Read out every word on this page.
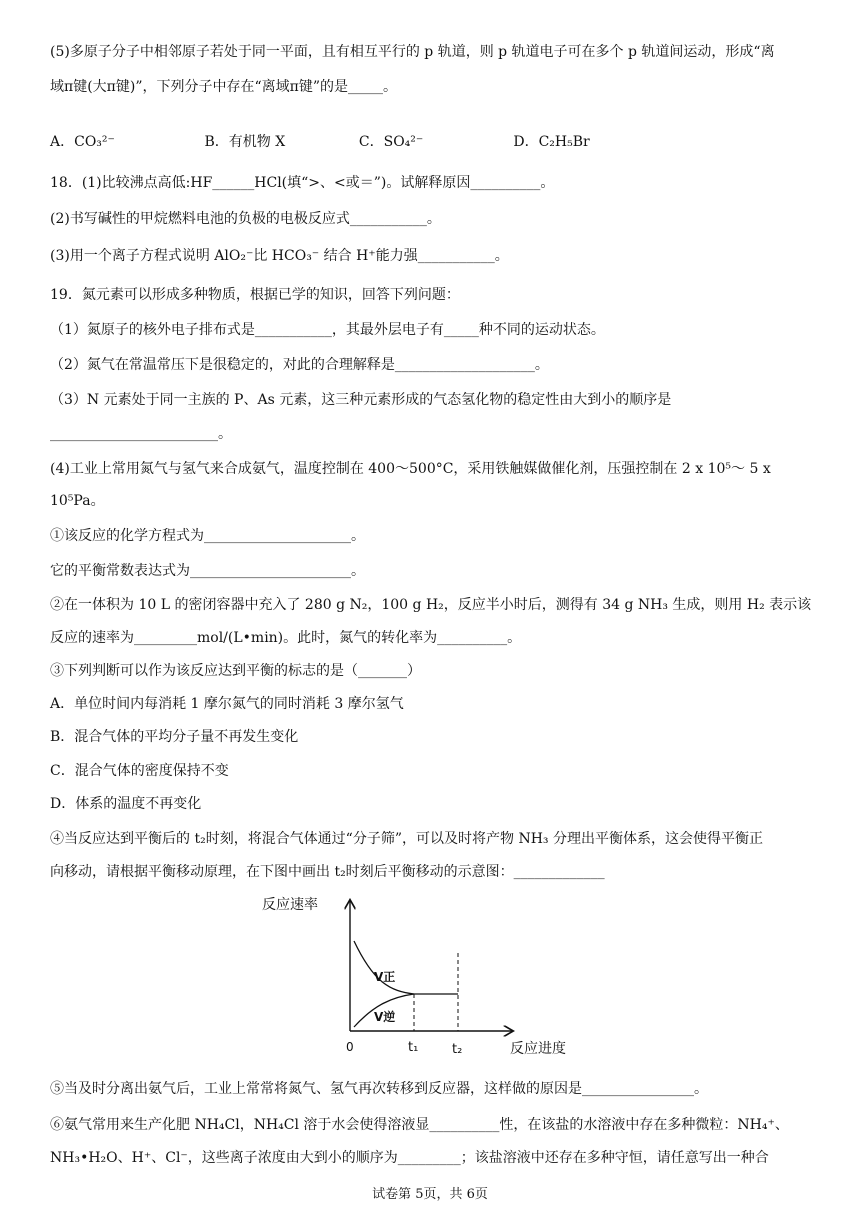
(5)多原子分子中相邻原子若处于同一平面，且有相互平行的 p 轨道，则 p 轨道电子可在多个 p 轨道间运动，形成“离
域π键(大π键)”，下列分子中存在“离域π键”的是_____。
A．CO₃²⁻	B．有机物 X	C．SO₄²⁻	D．C₂H₅Br
18．(1)比较沸点高低:HF______HCl(填“>、<或＝”)。试解释原因__________。
(2)书写碱性的甲烷燃料电池的负极的电极反应式___________。
(3)用一个离子方程式说明 AlO₂⁻比 HCO₃⁻ 结合 H⁺能力强___________。
19．氮元素可以形成多种物质，根据已学的知识，回答下列问题：
（1）氮原子的核外电子排布式是___________，其最外层电子有_____种不同的运动状态。
（2）氮气在常温常压下是很稳定的，对此的合理解释是____________________。
（3）N 元素处于同一主族的 P、As 元素，这三种元素形成的气态氢化物的稳定性由大到小的顺序是
________________________。
(4)工业上常用氮气与氢气来合成氨气，温度控制在 400～500°C，采用铁触媒做催化剂，压强控制在 2 x 10⁵～ 5 x
10⁵Pa。
①该反应的化学方程式为_____________________。
它的平衡常数表达式为_______________________。
②在一体积为 10 L 的密闭容器中充入了 280 g N₂，100 g H₂，反应半小时后，测得有 34 g NH₃ 生成，则用 H₂ 表示该
反应的速率为_________mol/(L•min)。此时，氮气的转化率为__________。
③下列判断可以作为该反应达到平衡的标志的是（_______）
A．单位时间内每消耗 1 摩尔氮气的同时消耗 3 摩尔氢气
B．混合气体的平均分子量不再发生变化
C．混合气体的密度保持不变
D．体系的温度不再变化
④当反应达到平衡后的 t₂时刻，将混合气体通过“分子筛”，可以及时将产物 NH₃ 分理出平衡体系，这会使得平衡正
向移动，请根据平衡移动原理，在下图中画出 t₂时刻后平衡移动的示意图：_____________
反应速率
反应进度
0
V正
V逆
t₁	t₂
⑤当及时分离出氨气后，工业上常常将氮气、氢气再次转移到反应器，这样做的原因是________________。
⑥氨气常用来生产化肥 NH₄Cl，NH₄Cl 溶于水会使得溶液显__________性，在该盐的水溶液中存在多种微粒：NH₄⁺、
NH₃•H₂O、H⁺、Cl⁻，这些离子浓度由大到小的顺序为_________；该盐溶液中还存在多种守恒，请任意写出一种合
试卷第 5页，共 6页
